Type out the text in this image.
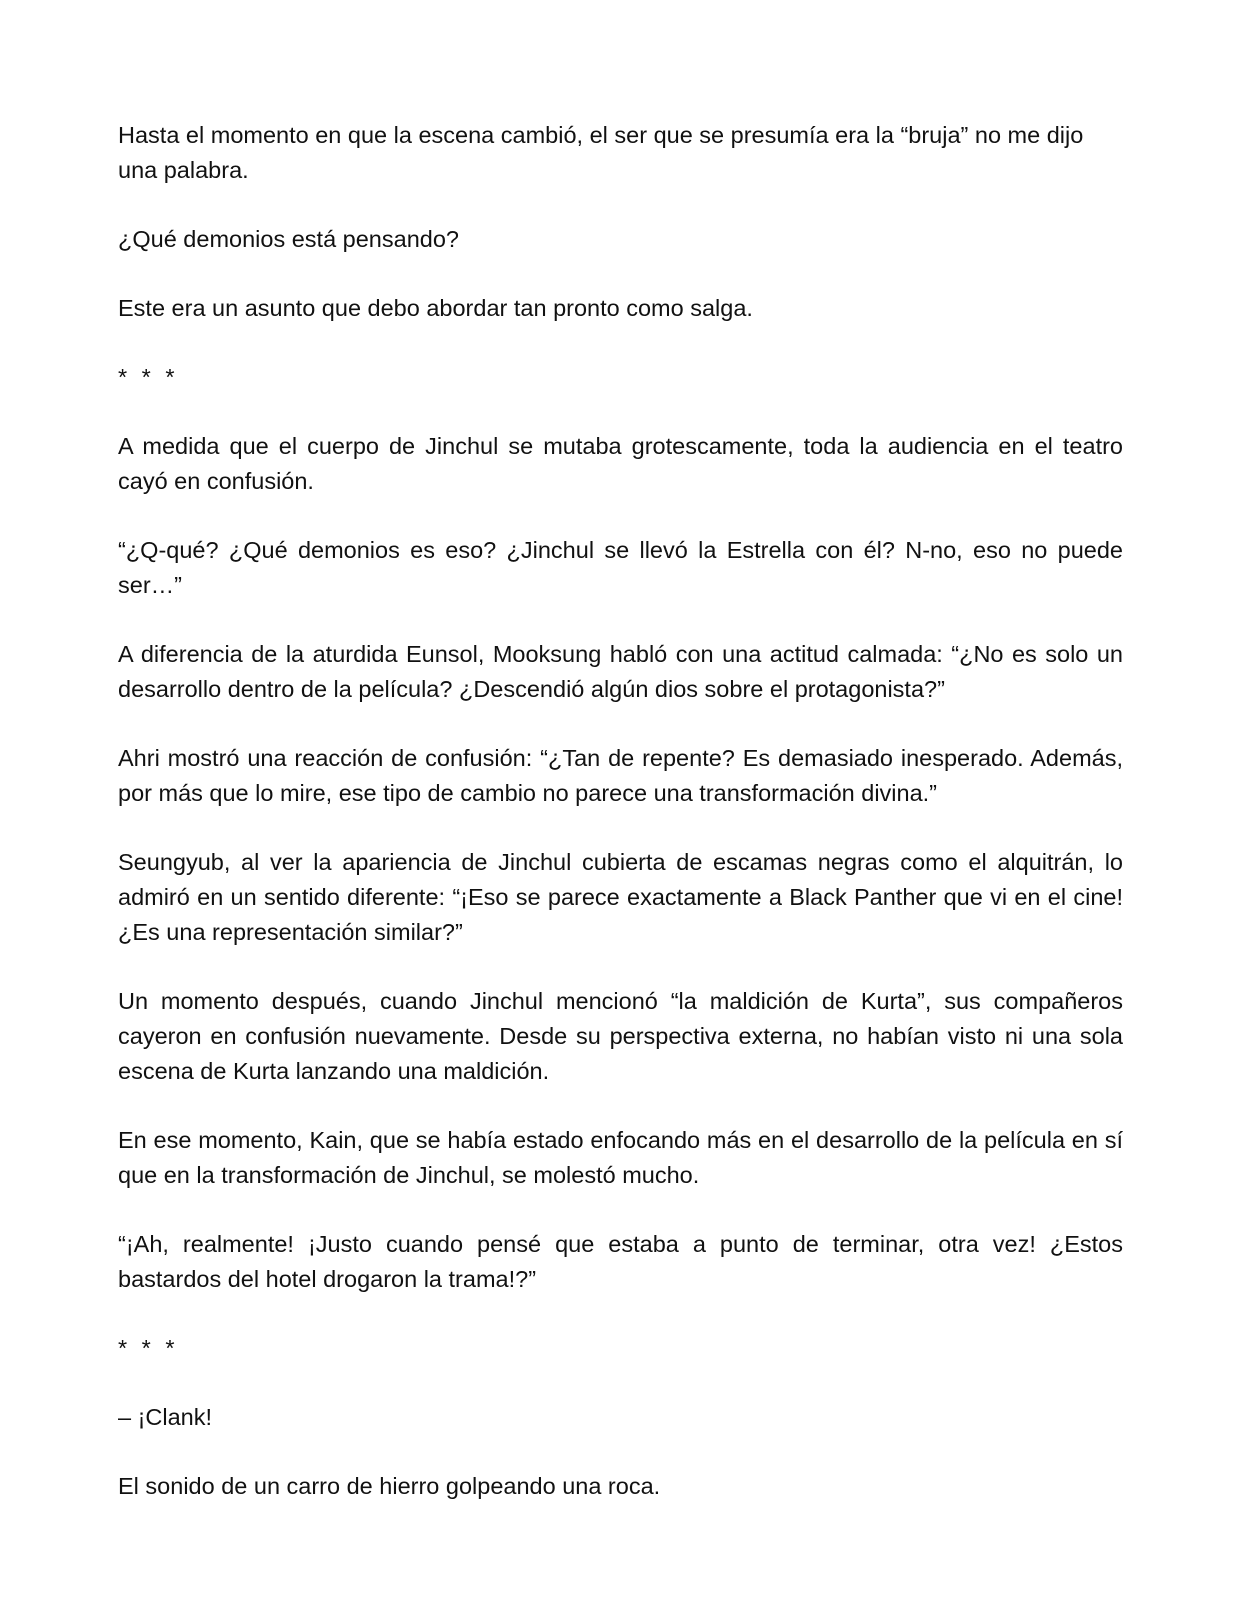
Hasta el momento en que la escena cambió, el ser que se presumía era la “bruja” no me dijo una palabra.

¿Qué demonios está pensando?

Este era un asunto que debo abordar tan pronto como salga.

* * *

A medida que el cuerpo de Jinchul se mutaba grotescamente, toda la audiencia en el teatro cayó en confusión.

“¿Q-qué? ¿Qué demonios es eso? ¿Jinchul se llevó la Estrella con él? N-no, eso no puede ser…”

A diferencia de la aturdida Eunsol, Mooksung habló con una actitud calmada: “¿No es solo un desarrollo dentro de la película? ¿Descendió algún dios sobre el protagonista?”

Ahri mostró una reacción de confusión: “¿Tan de repente? Es demasiado inesperado. Además, por más que lo mire, ese tipo de cambio no parece una transformación divina.”

Seungyub, al ver la apariencia de Jinchul cubierta de escamas negras como el alquitrán, lo admiró en un sentido diferente: “¡Eso se parece exactamente a Black Panther que vi en el cine! ¿Es una representación similar?”

Un momento después, cuando Jinchul mencionó “la maldición de Kurta”, sus compañeros cayeron en confusión nuevamente. Desde su perspectiva externa, no habían visto ni una sola escena de Kurta lanzando una maldición.

En ese momento, Kain, que se había estado enfocando más en el desarrollo de la película en sí que en la transformación de Jinchul, se molestó mucho.

“¡Ah, realmente! ¡Justo cuando pensé que estaba a punto de terminar, otra vez! ¿Estos bastardos del hotel drogaron la trama!?”

* * *

– ¡Clank!

El sonido de un carro de hierro golpeando una roca.
